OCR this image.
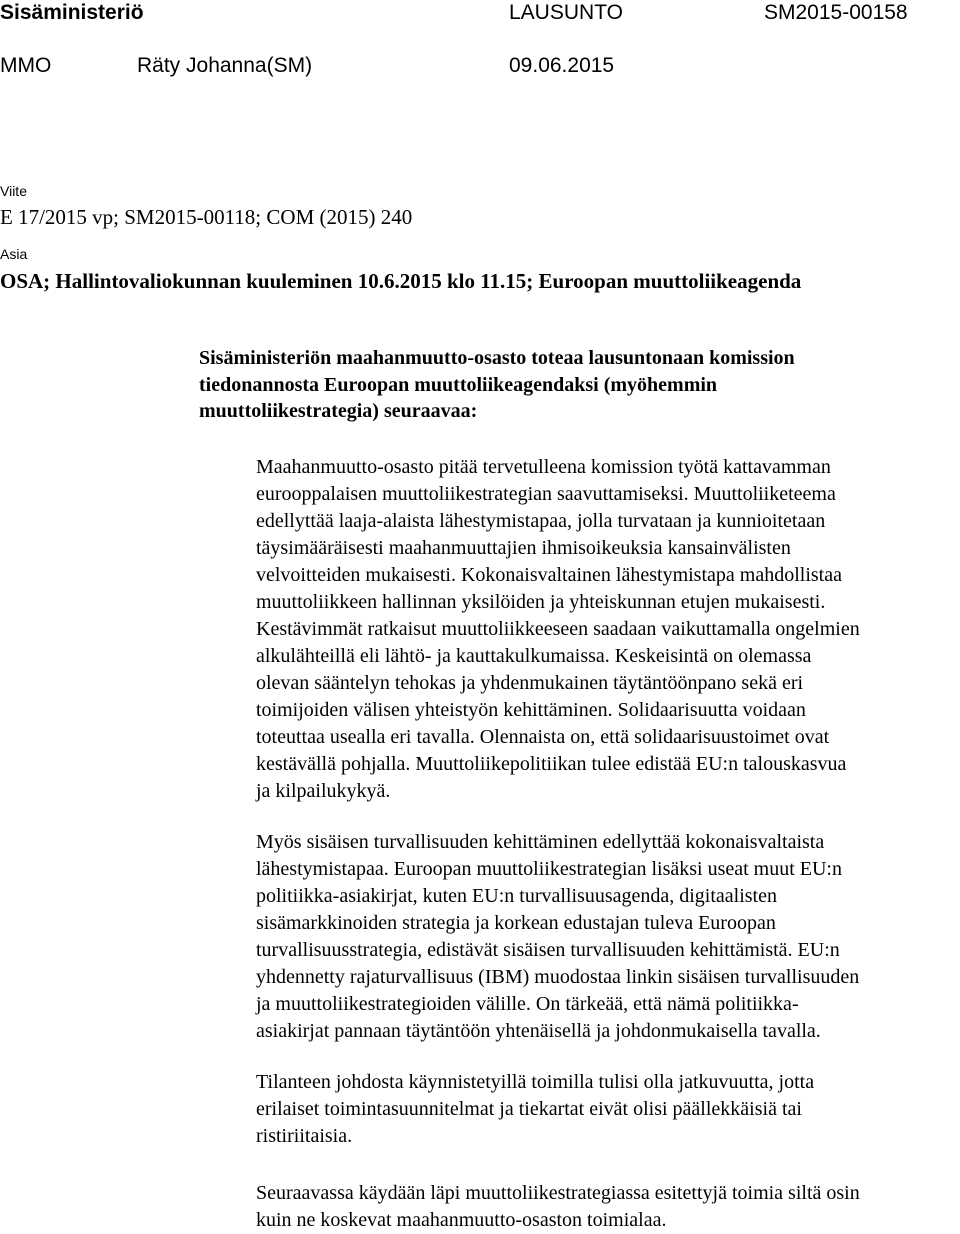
Sisäministeriö	LAUSUNTO	SM2015-00158
MMO	Räty Johanna(SM)	09.06.2015
Viite
E 17/2015 vp; SM2015-00118; COM (2015) 240
Asia
OSA; Hallintovaliokunnan kuuleminen 10.6.2015 klo 11.15; Euroopan muuttoliikeagenda
Sisäministeriön maahanmuutto-osasto toteaa lausuntonaan komission
tiedonannosta Euroopan muuttoliikeagendaksi (myöhemmin
muuttoliikestrategia) seuraavaa:
Maahanmuutto-osasto pitää tervetulleena komission työtä kattavamman
eurooppalaisen muuttoliikestrategian saavuttamiseksi. Muuttoliiketeema
edellyttää laaja-alaista lähestymistapaa, jolla turvataan ja kunnioitetaan
täysimääräisesti maahanmuuttajien ihmisoikeuksia kansainvälisten
velvoitteiden mukaisesti. Kokonaisvaltainen lähestymistapa mahdollistaa
muuttoliikkeen hallinnan yksilöiden ja yhteiskunnan etujen mukaisesti.
Kestävimmät ratkaisut muuttoliikkeeseen saadaan vaikuttamalla ongelmien
alkulähteillä eli lähtö- ja kauttakulkumaissa. Keskeisintä on olemassa
olevan sääntelyn tehokas ja yhdenmukainen täytäntöönpano sekä eri
toimijoiden välisen yhteistyön kehittäminen. Solidaarisuutta voidaan
toteuttaa usealla eri tavalla. Olennaista on, että solidaarisuustoimet ovat
kestävällä pohjalla. Muuttoliikepolitiikan tulee edistää EU:n talouskasvua
ja kilpailukykyä.
Myös sisäisen turvallisuuden kehittäminen edellyttää kokonaisvaltaista
lähestymistapaa. Euroopan muuttoliikestrategian lisäksi useat muut EU:n
politiikka-asiakirjat, kuten EU:n turvallisuusagenda, digitaalisten
sisämarkkinoiden strategia ja korkean edustajan tuleva Euroopan
turvallisuusstrategia, edistävät sisäisen turvallisuuden kehittämistä. EU:n
yhdennetty rajaturvallisuus (IBM) muodostaa linkin sisäisen turvallisuuden
ja muuttoliikestrategioiden välille. On tärkeää, että nämä politiikka-
asiakirjat pannaan täytäntöön yhtenäisellä ja johdonmukaisella tavalla.
Tilanteen johdosta käynnistetyillä toimilla tulisi olla jatkuvuutta, jotta
erilaiset toimintasuunnitelmat ja tiekartat eivät olisi päällekkäisiä tai
ristiriitaisia.
Seuraavassa käydään läpi muuttoliikestrategiassa esitettyjä toimia siltä osin
kuin ne koskevat maahanmuutto-osaston toimialaa.
